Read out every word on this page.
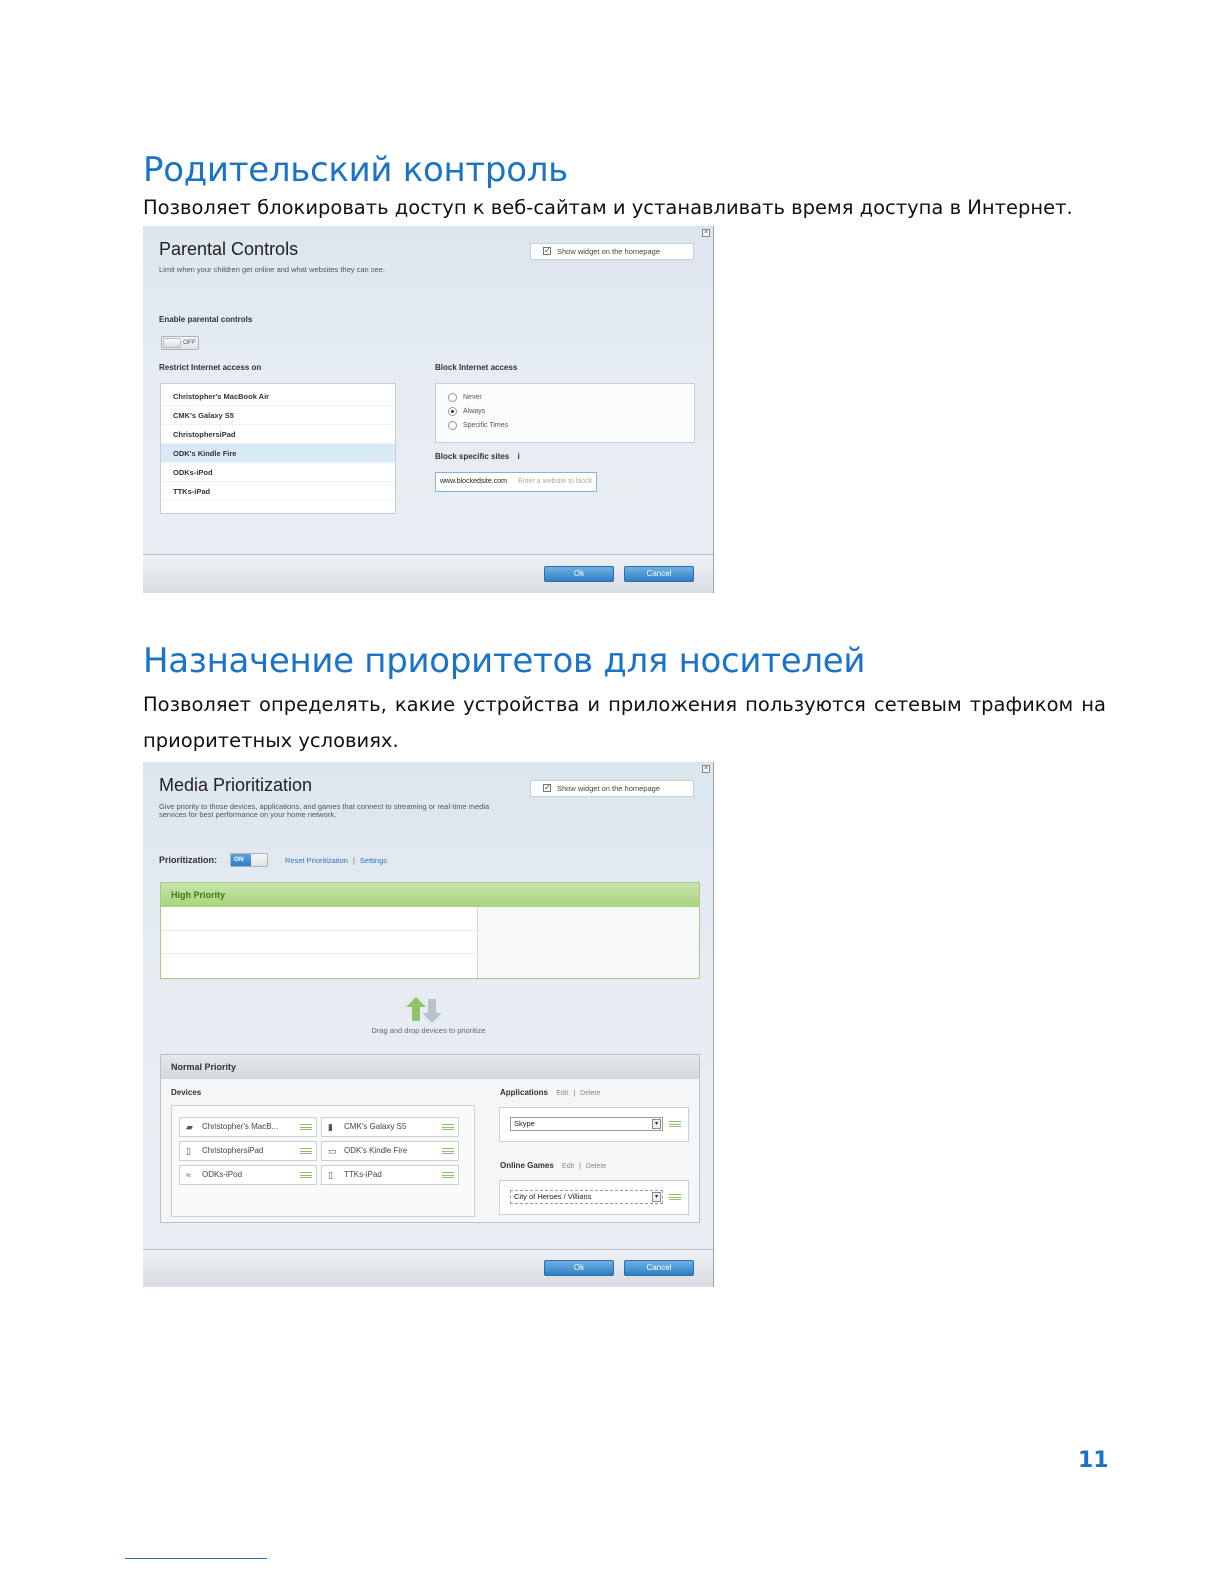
Родительский контроль

Позволяет блокировать доступ к веб-сайтам и устанавливать время доступа в Интернет.

×
Parental Controls
Limit when your children get online and what websites they can see.
✓ Show widget on the homepage
Enable parental controls
OFF
Restrict Internet access on
Christopher's MacBook Air
CMK's Galaxy S5
ChristophersiPad
ODK's Kindle Fire
ODKs-iPod
TTKs-iPad
Block Internet access
Never
Always
Specific Times
Block specific sites i
www.blockedsite.com Enter a website to block
Ok	Cancel
Назначение приоритетов для носителей

Позволяет определять, какие устройства и приложения пользуются сетевым трафиком на

приоритетных условиях.

×
Media Prioritization
Give priority to those devices, applications, and games that connect to streaming or real-time media
services for best performance on your home network.
✓ Show widget on the homepage
Prioritization:	ON	Reset Prioritization | Settings
High Priority
Drag and drop devices to prioritize
Normal Priority
Devices
▰ Christopher's MacB...	▮ CMK's Galaxy S5
▯ ChristophersiPad	▭ ODK's Kindle Fire
≈ ODKs-iPod	▯ TTKs-iPad
Applications Edit | Delete
Skype	▾
Online Games Edit | Delete
City of Heroes / Villians	▾
Ok	Cancel
11
